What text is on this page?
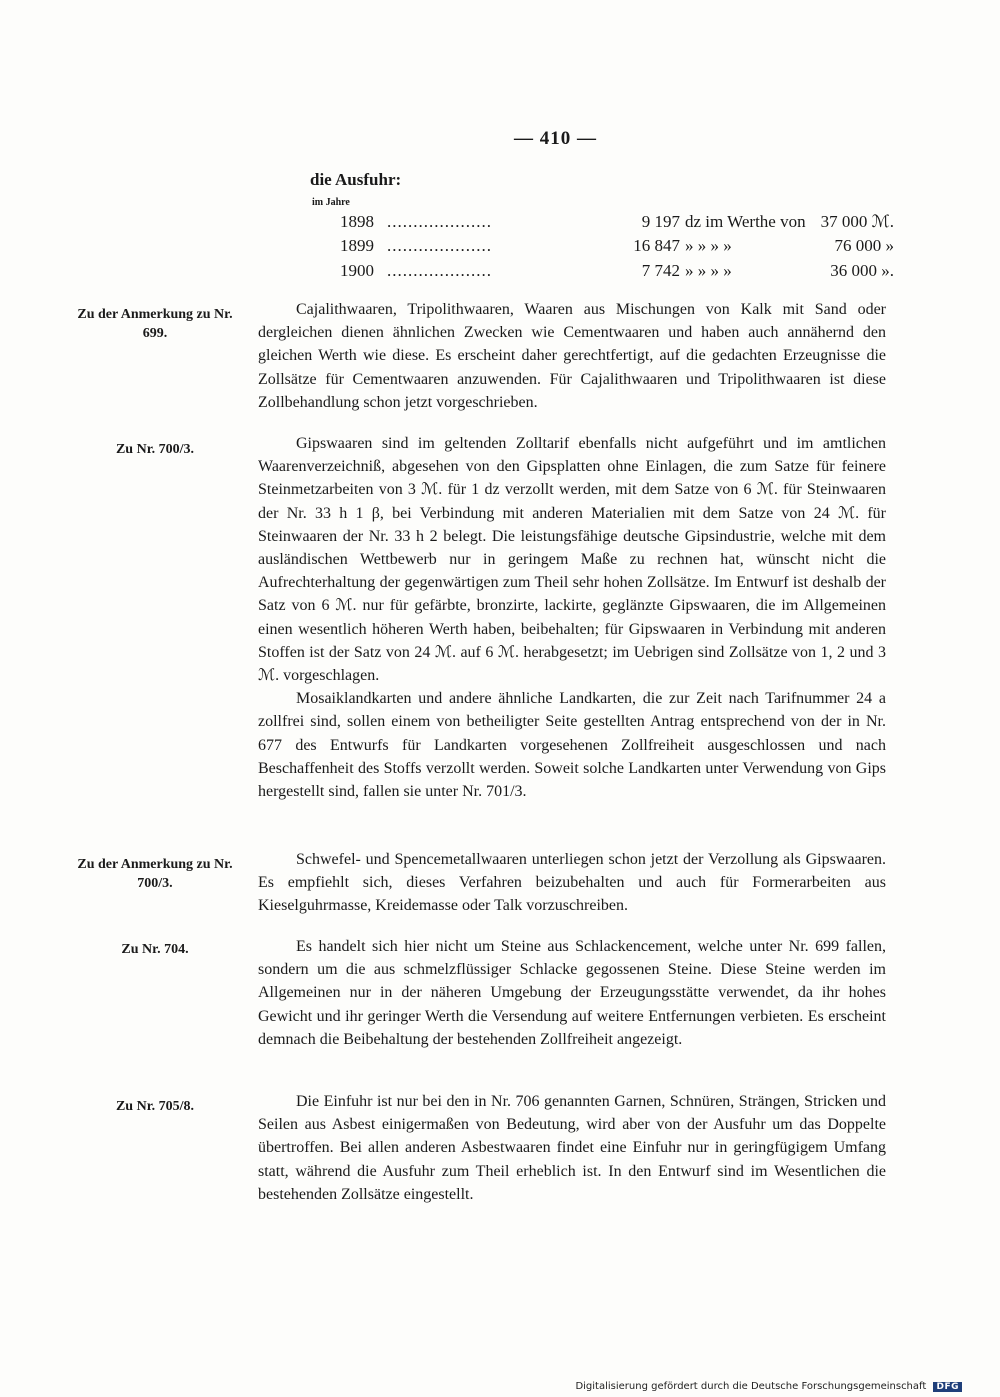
— 410 —
die Ausfuhr:
im Jahre
1898 ....................	9 197 dz im Werthe von 37 000 ℳ.
1899 ....................	16 847 » » » »	76 000 »
1900 ....................	7 742 » » » »	36 000 ».
Zu der Anmerkung zu Nr. 699.

Cajalithwaaren, Tripolithwaaren, Waaren aus Mischungen von Kalk mit Sand oder dergleichen dienen ähnlichen Zwecken wie Cementwaaren und haben auch annähernd den gleichen Werth wie diese. Es erscheint daher gerechtfertigt, auf die gedachten Erzeugnisse die Zollsätze für Cementwaaren anzuwenden. Für Cajalithwaaren und Tripolithwaaren ist diese Zollbehandlung schon jetzt vorgeschrieben.

Zu Nr. 700/3.	Gipswaaren sind im geltenden Zolltarif ebenfalls nicht aufgeführt und im amtlichen Waarenverzeichniß, abgesehen von den Gipsplatten ohne Einlagen, die zum Satze für feinere Steinmetzarbeiten von 3 ℳ. für 1 dz verzollt werden, mit dem Satze von 6 ℳ. für Steinwaaren der Nr. 33 h 1 β, bei Verbindung mit anderen Materialien mit dem Satze von 24 ℳ. für Steinwaaren der Nr. 33 h 2 belegt. Die leistungsfähige deutsche Gipsindustrie, welche mit dem ausländischen Wettbewerb nur in geringem Maße zu rechnen hat, wünscht nicht die Aufrechterhaltung der gegenwärtigen zum Theil sehr hohen Zollsätze. Im Entwurf ist deshalb der Satz von 6 ℳ. nur für gefärbte, bronzirte, lackirte, geglänzte Gipswaaren, die im Allgemeinen einen wesentlich höheren Werth haben, beibehalten; für Gipswaaren in Verbindung mit anderen Stoffen ist der Satz von 24 ℳ. auf 6 ℳ. herabgesetzt; im Uebrigen sind Zollsätze von 1, 2 und 3 ℳ. vorgeschlagen.

Mosaiklandkarten und andere ähnliche Landkarten, die zur Zeit nach Tarifnummer 24 a zollfrei sind, sollen einem von betheiligter Seite gestellten Antrag entsprechend von der in Nr. 677 des Entwurfs für Landkarten vorgesehenen Zollfreiheit ausgeschlossen und nach Beschaffenheit des Stoffs verzollt werden. Soweit solche Landkarten unter Verwendung von Gips hergestellt sind, fallen sie unter Nr. 701/3.

Zu der Anmerkung zu Nr. 700/3.

Schwefel- und Spencemetallwaaren unterliegen schon jetzt der Verzollung als Gipswaaren. Es empfiehlt sich, dieses Verfahren beizubehalten und auch für Formerarbeiten aus Kieselguhrmasse, Kreidemasse oder Talk vorzuschreiben.

Zu Nr. 704.	Es handelt sich hier nicht um Steine aus Schlackencement, welche unter Nr. 699 fallen, sondern um die aus schmelzflüssiger Schlacke gegossenen Steine. Diese Steine werden im Allgemeinen nur in der näheren Umgebung der Erzeugungsstätte verwendet, da ihr hohes Gewicht und ihr geringer Werth die Versendung auf weitere Entfernungen verbieten. Es erscheint demnach die Beibehaltung der bestehenden Zollfreiheit angezeigt.

Zu Nr. 705/8.	Die Einfuhr ist nur bei den in Nr. 706 genannten Garnen, Schnüren, Strängen, Stricken und Seilen aus Asbest einigermaßen von Bedeutung, wird aber von der Ausfuhr um das Doppelte übertroffen. Bei allen anderen Asbestwaaren findet eine Einfuhr nur in geringfügigem Umfang statt, während die Ausfuhr zum Theil erheblich ist. In den Entwurf sind im Wesentlichen die bestehenden Zollsätze eingestellt.

Digitalisierung gefördert durch die Deutsche Forschungsgemeinschaft DFG
